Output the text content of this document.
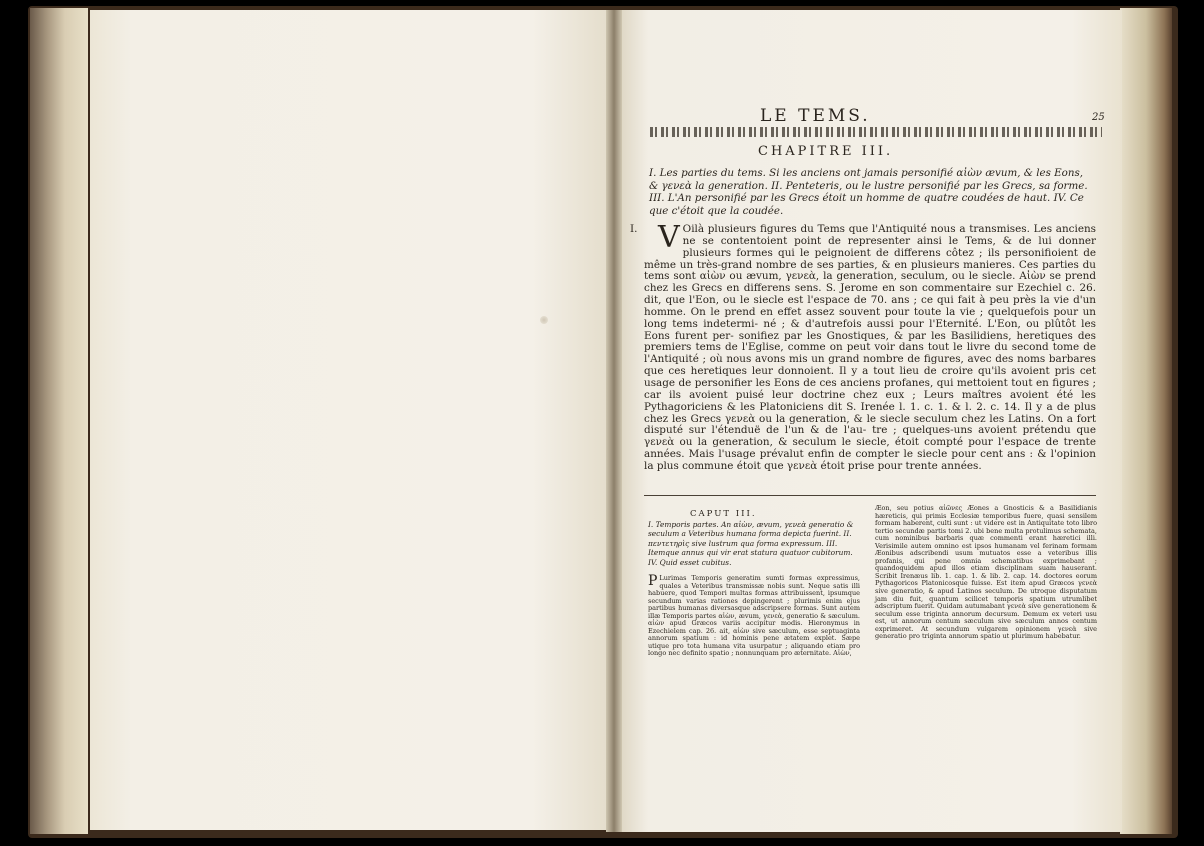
LE TEMS.	25
CHAPITRE III.
I. Les parties du tems. Si les anciens ont jamais personifié αἰὼν ævum, & les Eons, & γενεὰ la generation. II. Penteteris, ou le lustre personifié par les Grecs, sa forme. III. L'An personifié par les Grecs étoit un homme de quatre coudées de haut. IV. Ce que c'étoit que la coudée.
I. V Oilà plusieurs figures du Tems que l'Antiquité nous a transmises. Les anciens ne se contentoient point de representer ainsi le Tems, & de lui donner plusieurs formes qui le peignoient de differens côtez ; ils personifioient de même un très-grand nombre de ses parties, & en plusieurs manieres. Ces parties du tems sont αἰὼν ou ævum, γενεὰ, la generation, seculum, ou le siecle. Αἰὼν se prend chez les Grecs en differens sens. S. Jerome en son commentaire sur Ezechiel c. 26. dit, que l'Eon, ou le siecle est l'espace de 70. ans ; ce qui fait à peu près la vie d'un homme. On le prend en effet assez souvent pour toute la vie ; quelquefois pour un long tems indetermi- né ; & d'autrefois aussi pour l'Eternité. L'Eon, ou plûtôt les Eons furent per- sonifiez par les Gnostiques, & par les Basilidiens, heretiques des premiers tems de l'Eglise, comme on peut voir dans tout le livre du second tome de l'Antiquité ; où nous avons mis un grand nombre de figures, avec des noms barbares que ces heretiques leur donnoient. Il y a tout lieu de croire qu'ils avoient pris cet usage de personifier les Eons de ces anciens profanes, qui mettoient tout en figures ; car ils avoient puisé leur doctrine chez eux ; Leurs maîtres avoient été les Pythagoriciens & les Platoniciens dit S. Irenée l. 1. c. 1. & l. 2. c. 14. Il y a de plus chez les Grecs γενεὰ ou la generation, & le siecle seculum chez les Latins. On a fort disputé sur l'étenduë de l'un & de l'au- tre ; quelques-uns avoient prétendu que γενεὰ ou la generation, & seculum le siecle, étoit compté pour l'espace de trente années. Mais l'usage prévalut enfin de compter le siecle pour cent ans : & l'opinion la plus commune étoit que γενεὰ étoit prise pour trente années.
CAPUT III.
I. Temporis partes. An αἰὼν, ævum, γενεὰ generatio & seculum a Veteribus humana forma depicta fuerint. II. πεντετηρὶς sive lustrum qua forma expressum. III. Itemque annus qui vir erat statura quatuor cubitorum. IV. Quid esset cubitus.
P Lurimas Temporis generatim sumti formas expressimus, quales a Veteribus transmissæ nobis sunt. Neque satis illi habuere, quod Tempori multas formas attribuissent, ipsumque secundum varias rationes depingerent ; plurimis enim ejus partibus humanas diversasque adscripsere formas. Sunt autem illæ Temporis partes αἰὼν, ævum, γενεὰ, generatio & sæculum. αἰὼν apud Græcos variis accipitur modis. Hieronymus in Ezechielem cap. 26. ait, αἰὼν sive sæculum, esse septuaginta annorum spatium : id hominis pene ætatem explet. Sæpe utique pro tota humana vita usurpatur ; aliquando etiam pro longo nec definito spatio ; nonnunquam pro æternitate. Αἰὼν,
Æon, seu potius αἰῶνες Æones a Gnosticis & a Basilidianis hæreticis, qui primis Ecclesiæ temporibus fuere, quasi sensilem formam haberent, culti sunt : ut videre est in Antiquitate toto libro tertio secundæ partis tomi 2. ubi bene multa protulimus schemata, cum nominibus barbaris quæ commenti erant hæretici illi. Verisimile autem omnino est ipsos humanam vel ferinam formam Æonibus adscribendi usum mutuatos esse a veteribus illis profanis, qui pene omnia schematibus exprimebant ; quandoquidem apud illos etiam disciplinam suam hauserant. Scribit Irenæus lib. 1. cap. 1. & lib. 2. cap. 14. doctores eorum Pythagoricos Platonicosque fuisse. Est item apud Græcos γενεὰ sive generatio, & apud Latinos seculum. De utroque disputatum jam diu fuit, quantum scilicet temporis spatium utrumlibet adscriptum fuerit. Quidam autumabant γενεὰ sive generationem & seculum esse triginta annorum decursum. Demum ex veteri usu est, ut annorum centum sæculum sive sæculum annos centum exprimeret. At secundum vulgarem opinionem γενεὰ sive generatio pro triginta annorum spatio ut plurimum habebatur.
